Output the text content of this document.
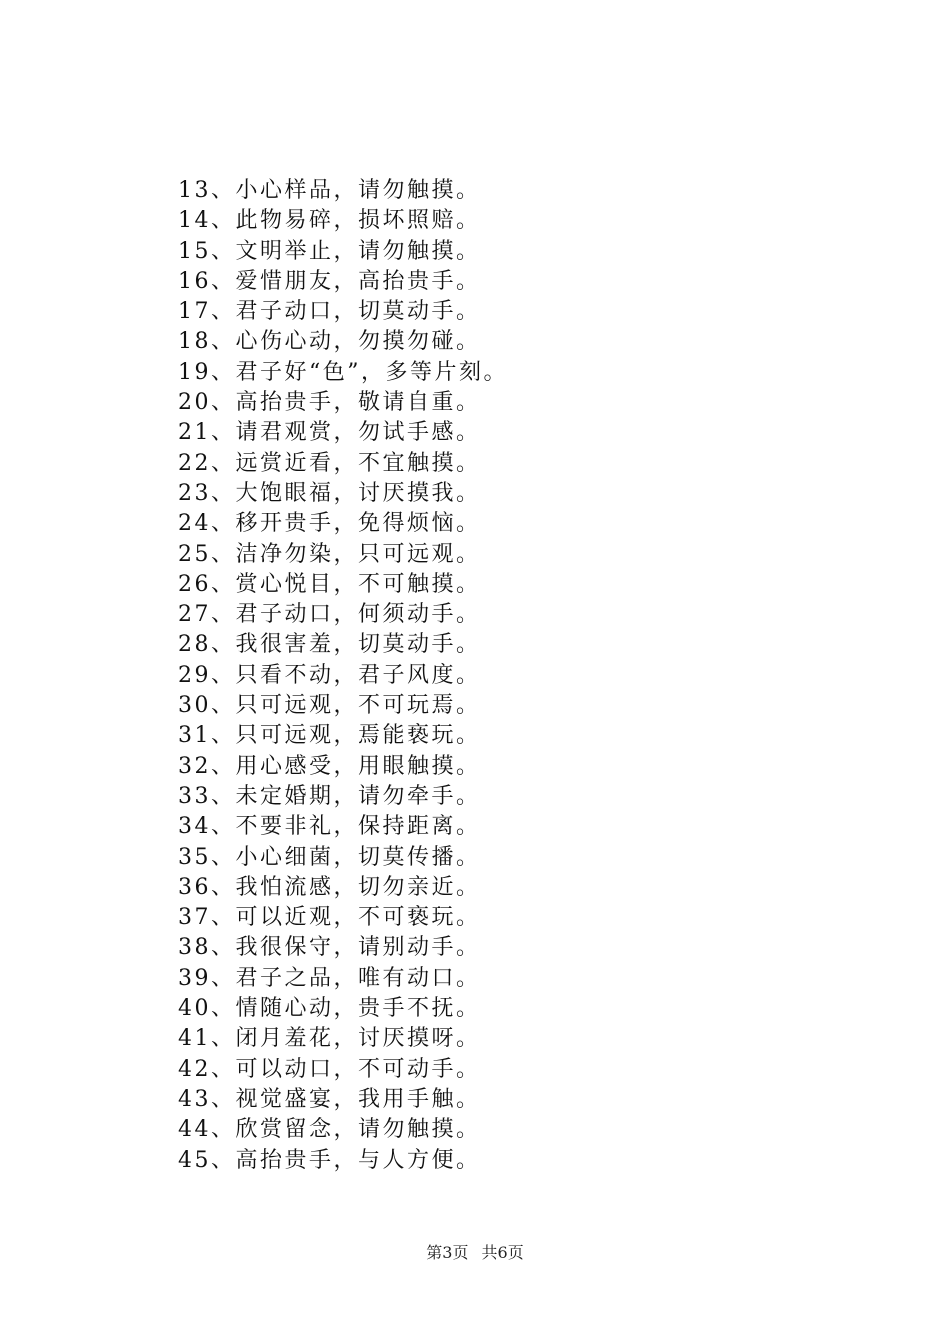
13、小心样品，请勿触摸。
14、此物易碎，损坏照赔。
15、文明举止，请勿触摸。
16、爱惜朋友，高抬贵手。
17、君子动口，切莫动手。
18、心伤心动，勿摸勿碰。
19、君子好“色”，多等片刻。
20、高抬贵手，敬请自重。
21、请君观赏，勿试手感。
22、远赏近看，不宜触摸。
23、大饱眼福，讨厌摸我。
24、移开贵手，免得烦恼。
25、洁净勿染，只可远观。
26、赏心悦目，不可触摸。
27、君子动口，何须动手。
28、我很害羞，切莫动手。
29、只看不动，君子风度。
30、只可远观，不可玩焉。
31、只可远观，焉能亵玩。
32、用心感受，用眼触摸。
33、未定婚期，请勿牵手。
34、不要非礼，保持距离。
35、小心细菌，切莫传播。
36、我怕流感，切勿亲近。
37、可以近观，不可亵玩。
38、我很保守，请别动手。
39、君子之品，唯有动口。
40、情随心动，贵手不抚。
41、闭月羞花，讨厌摸呀。
42、可以动口，不可动手。
43、视觉盛宴，我用手触。
44、欣赏留念，请勿触摸。
45、高抬贵手，与人方便。
第3页 共6页
